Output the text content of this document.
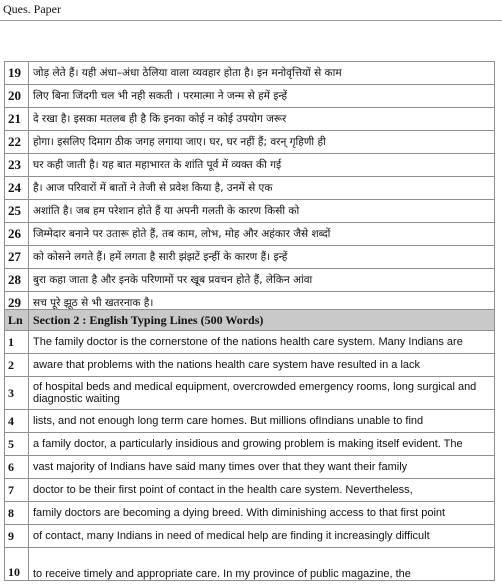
Ques. Paper
19	जोड़ लेते हैं। यही अंधा–अंधा ठेलिया वाला व्यवहार होता है। इन मनोवृत्तियों से काम
20	लिए बिना जिंदगी चल भी नही सकती । परमात्मा ने जन्म से हमें इन्हें
21	दे रखा है। इसका मतलब ही है कि इनका कोई न कोई उपयोग जरूर
22	होगा। इसलिए दिमाग ठीक जगह लगाया जाए। घर, घर नहीं हैं; वरन् गृहिणी ही
23	घर कही जाती है। यह बात महाभारत के शांति पूर्व में व्यक्त की गई
24	है। आज परिवारों में बातों ने तेजी से प्रवेश किया है, उनमें से एक
25	अशांति है। जब हम परेशान होते हैं या अपनी गलती के कारण किसी को
26	जिम्मेदार बनाने पर उतारू होते हैं, तब काम, लोभ, मोह और अहंकार जैसे शब्दों
27	को कोसने लगते हैं। हमें लगता है सारी झंझटें इन्हीं के कारण हैं। इन्हें
28	बुरा कहा जाता है और इनके परिणामों पर खूब प्रवचन होते हैं, लेकिन आंवा
29	सच पूरे झूठ से भी खतरनाक है।
Ln	Section 2 : English Typing Lines (500 Words)
1	The family doctor is the cornerstone of the nations health care system. Many Indians are
2	aware that problems with the nations health care system have resulted in a lack
3	of hospital beds and medical equipment, overcrowded emergency rooms, long surgical and diagnostic waiting
4	lists, and not enough long term care homes. But millions ofIndians unable to find
5	a family doctor, a particularly insidious and growing problem is making itself evident. The
6	vast majority of Indians have said many times over that they want their family
7	doctor to be their first point of contact in the health care system. Nevertheless,
8	family doctors are becoming a dying breed. With diminishing access to that first point
9	of contact, many Indians in need of medical help are finding it increasingly difficult
10	to receive timely and appropriate care. In my province of public magazine, the
